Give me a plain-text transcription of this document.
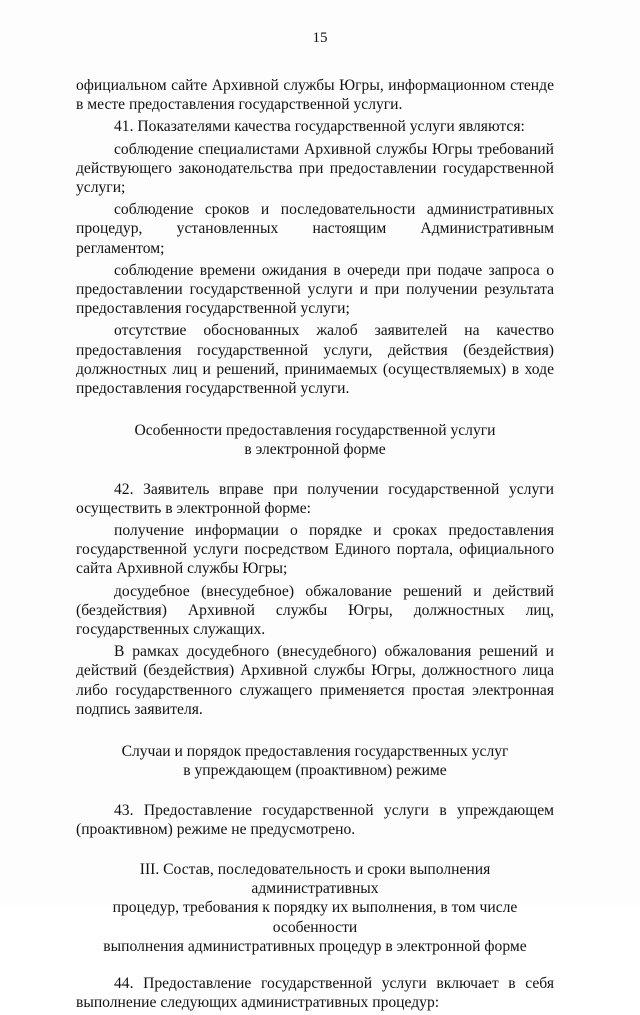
15

официальном сайте Архивной службы Югры, информационном стенде в месте предоставления государственной услуги.

41. Показателями качества государственной услуги являются:

соблюдение специалистами Архивной службы Югры требований действующего законодательства при предоставлении государственной услуги;

соблюдение сроков и последовательности административных процедур, установленных настоящим Административным регламентом;

соблюдение времени ожидания в очереди при подаче запроса о предоставлении государственной услуги и при получении результата предоставления государственной услуги;

отсутствие обоснованных жалоб заявителей на качество предоставления государственной услуги, действия (бездействия) должностных лиц и решений, принимаемых (осуществляемых) в ходе предоставления государственной услуги.

Особенности предоставления государственной услуги

в электронной форме

42. Заявитель вправе при получении государственной услуги осуществить в электронной форме:

получение информации о порядке и сроках предоставления государственной услуги посредством Единого портала, официального сайта Архивной службы Югры;

досудебное (внесудебное) обжалование решений и действий (бездействия) Архивной службы Югры, должностных лиц, государственных служащих.

В рамках досудебного (внесудебного) обжалования решений и действий (бездействия) Архивной службы Югры, должностного лица либо государственного служащего применяется простая электронная подпись заявителя.

Случаи и порядок предоставления государственных услуг

в упреждающем (проактивном) режиме

43. Предоставление государственной услуги в упреждающем (проактивном) режиме не предусмотрено.

III. Состав, последовательность и сроки выполнения административных

процедур, требования к порядку их выполнения, в том числе особенности

выполнения административных процедур в электронной форме

44. Предоставление государственной услуги включает в себя выполнение следующих административных процедур:
